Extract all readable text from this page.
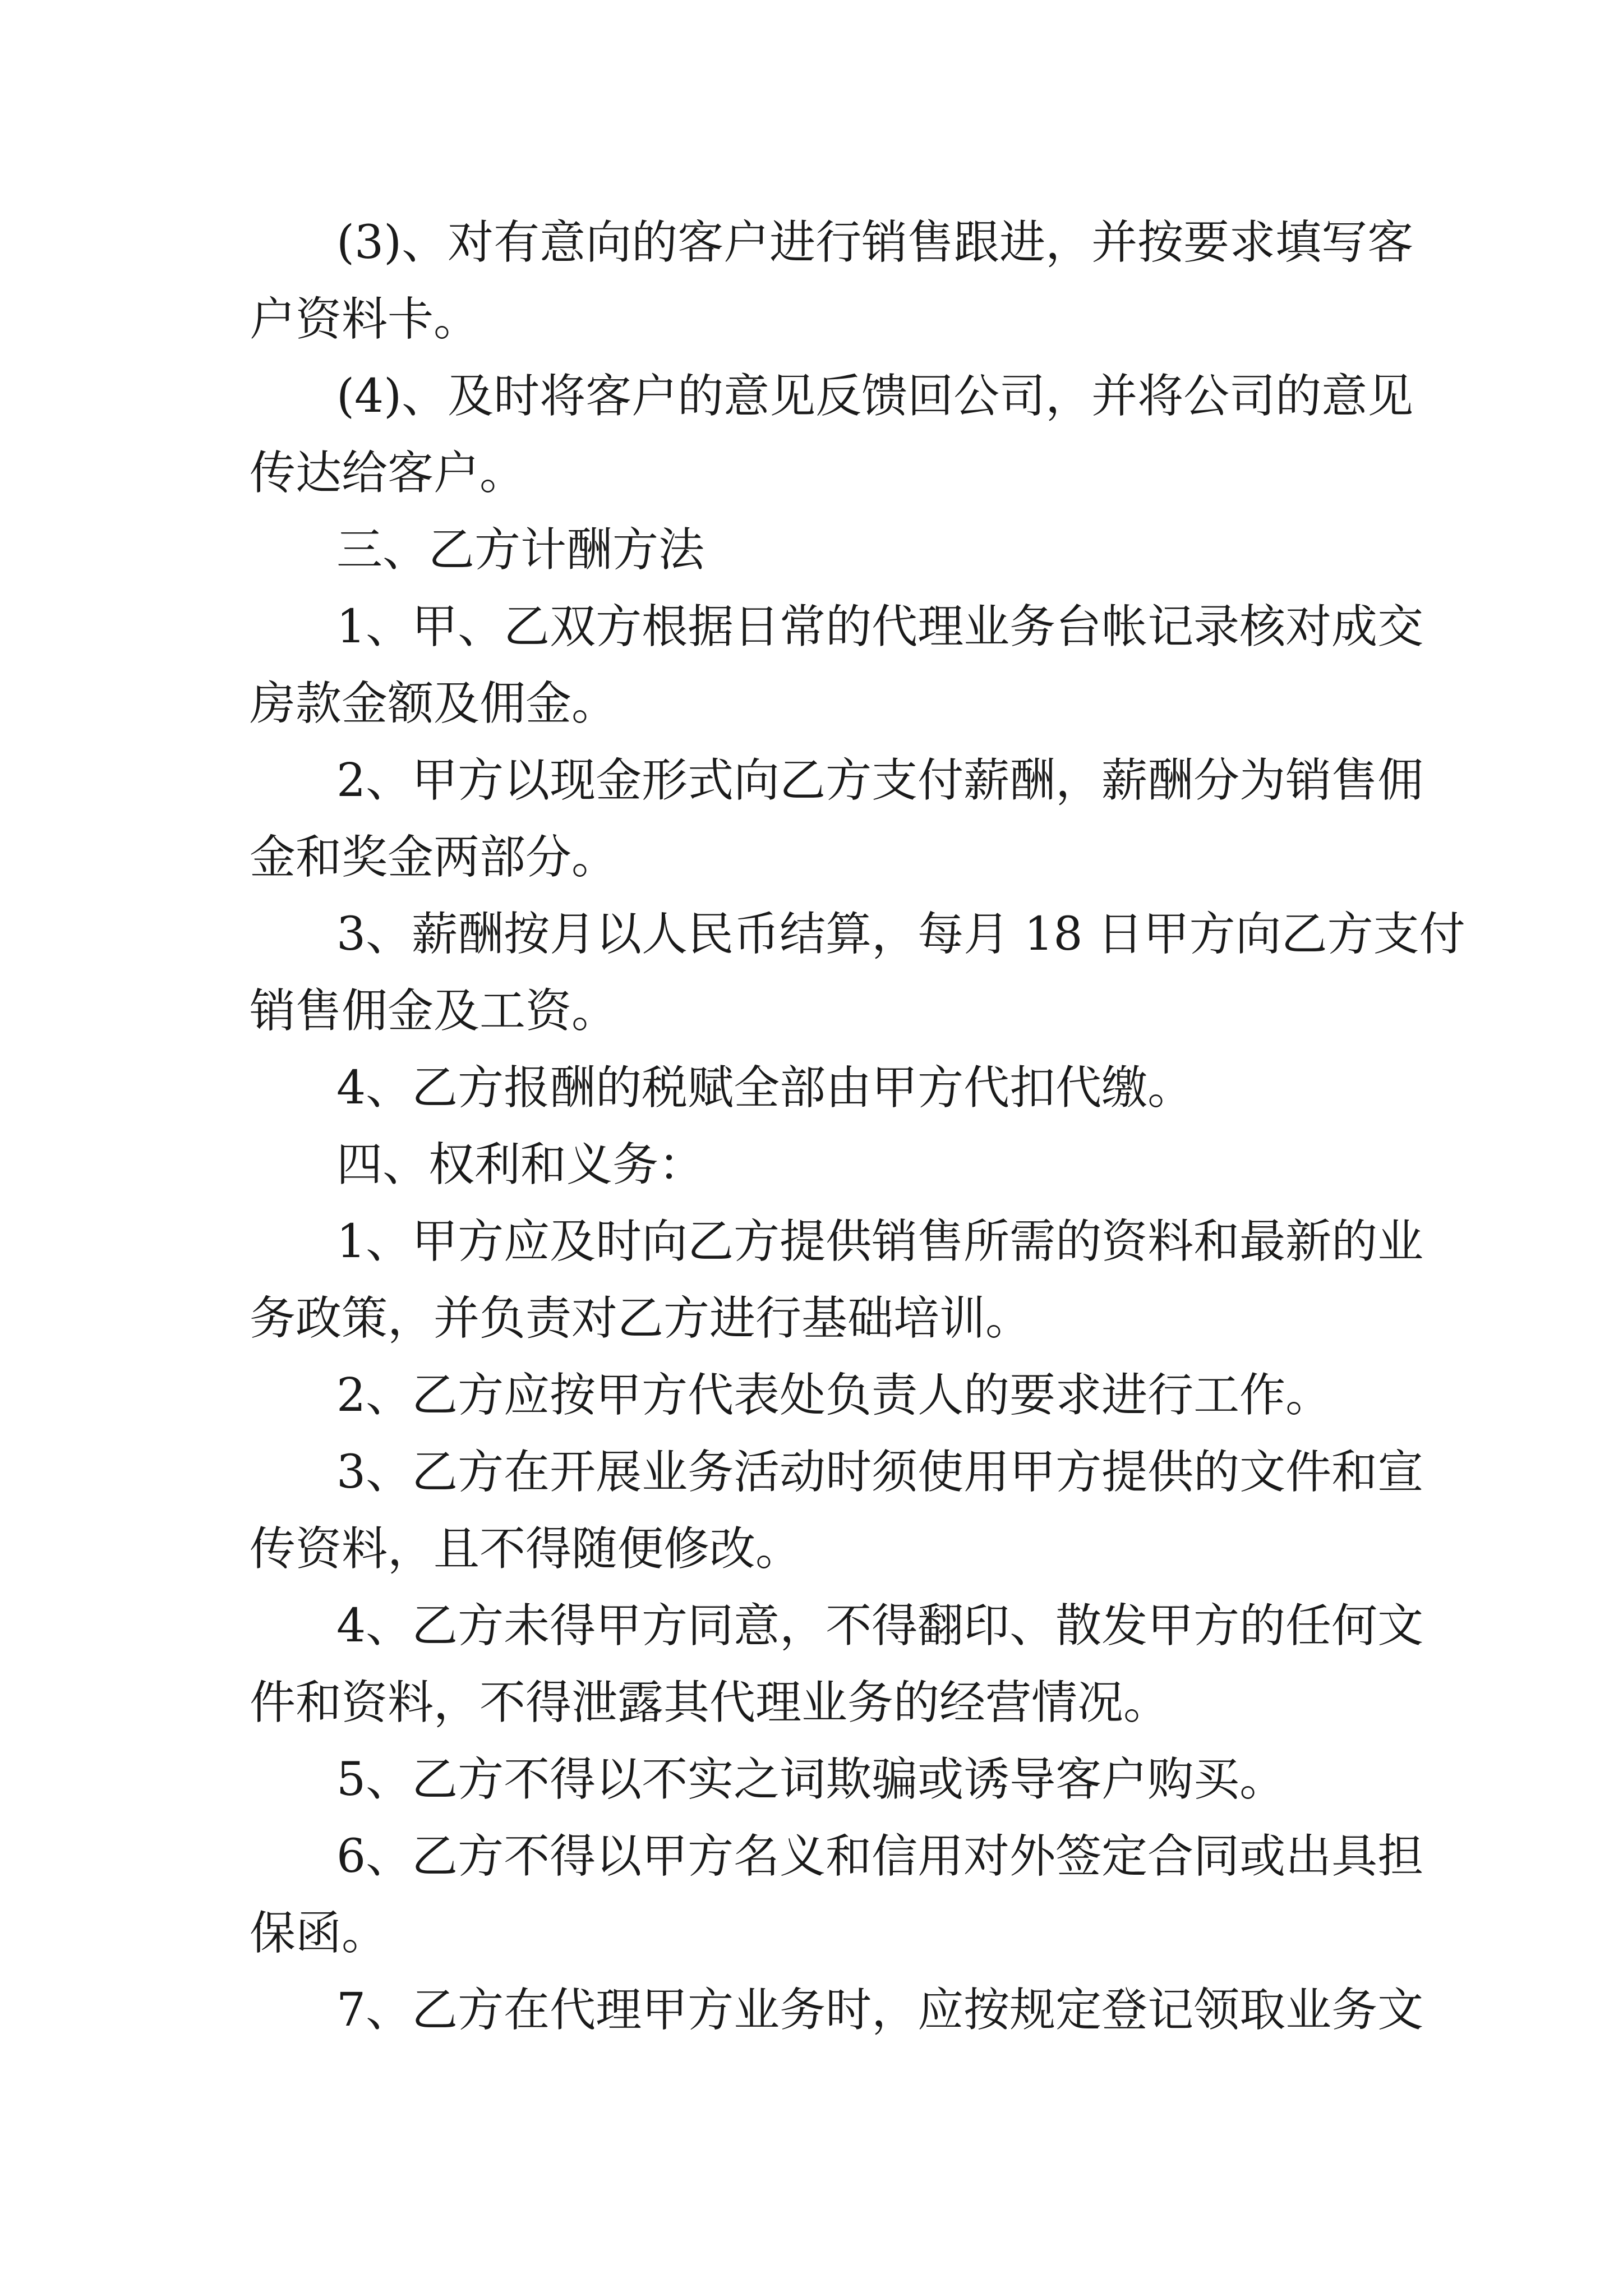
(3)、对有意向的客户进行销售跟进，并按要求填写客
户资料卡。
(4)、及时将客户的意见反馈回公司，并将公司的意见
传达给客户。
三、乙方计酬方法
1、甲、乙双方根据日常的代理业务台帐记录核对成交
房款金额及佣金。
2、甲方以现金形式向乙方支付薪酬，薪酬分为销售佣
金和奖金两部分。
3、薪酬按月以人民币结算，每月 18 日甲方向乙方支付
销售佣金及工资。
4、乙方报酬的税赋全部由甲方代扣代缴。
四、权利和义务：
1、甲方应及时向乙方提供销售所需的资料和最新的业
务政策，并负责对乙方进行基础培训。
2、乙方应按甲方代表处负责人的要求进行工作。
3、乙方在开展业务活动时须使用甲方提供的文件和宣
传资料，且不得随便修改。
4、乙方未得甲方同意，不得翻印、散发甲方的任何文
件和资料，不得泄露其代理业务的经营情况。
5、乙方不得以不实之词欺骗或诱导客户购买。
6、乙方不得以甲方名义和信用对外签定合同或出具担
保函。
7、乙方在代理甲方业务时，应按规定登记领取业务文
